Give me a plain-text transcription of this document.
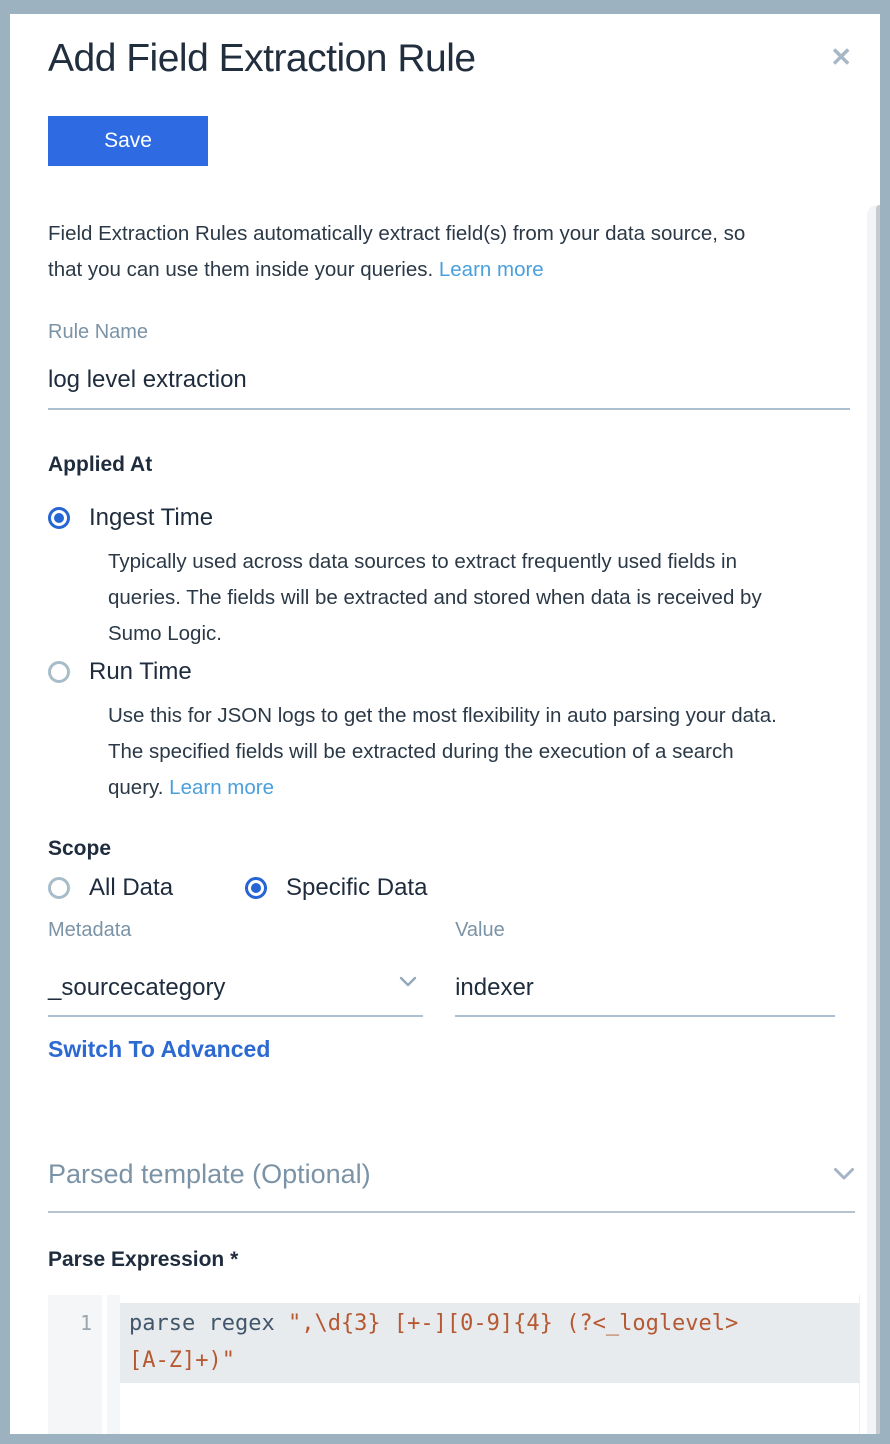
Add Field Extraction Rule	✕
Save

Field Extraction Rules automatically extract field(s) from your data source, so that you can use them inside your queries. Learn more

Rule Name
log level extraction
Applied At
Ingest Time

Typically used across data sources to extract frequently used fields in queries. The fields will be extracted and stored when data is received by Sumo Logic.

Run Time

Use this for JSON logs to get the most flexibility in auto parsing your data. The specified fields will be extracted during the execution of a search query. Learn more

Scope
All Data	Specific Data
Metadata
_sourcecategory
Value
indexer
Switch To Advanced
Parsed template (Optional)
Parse Expression *
1 parse regex ",\d{3} [+-][0-9]{4} (?<_loglevel>
[A-Z]+)"
